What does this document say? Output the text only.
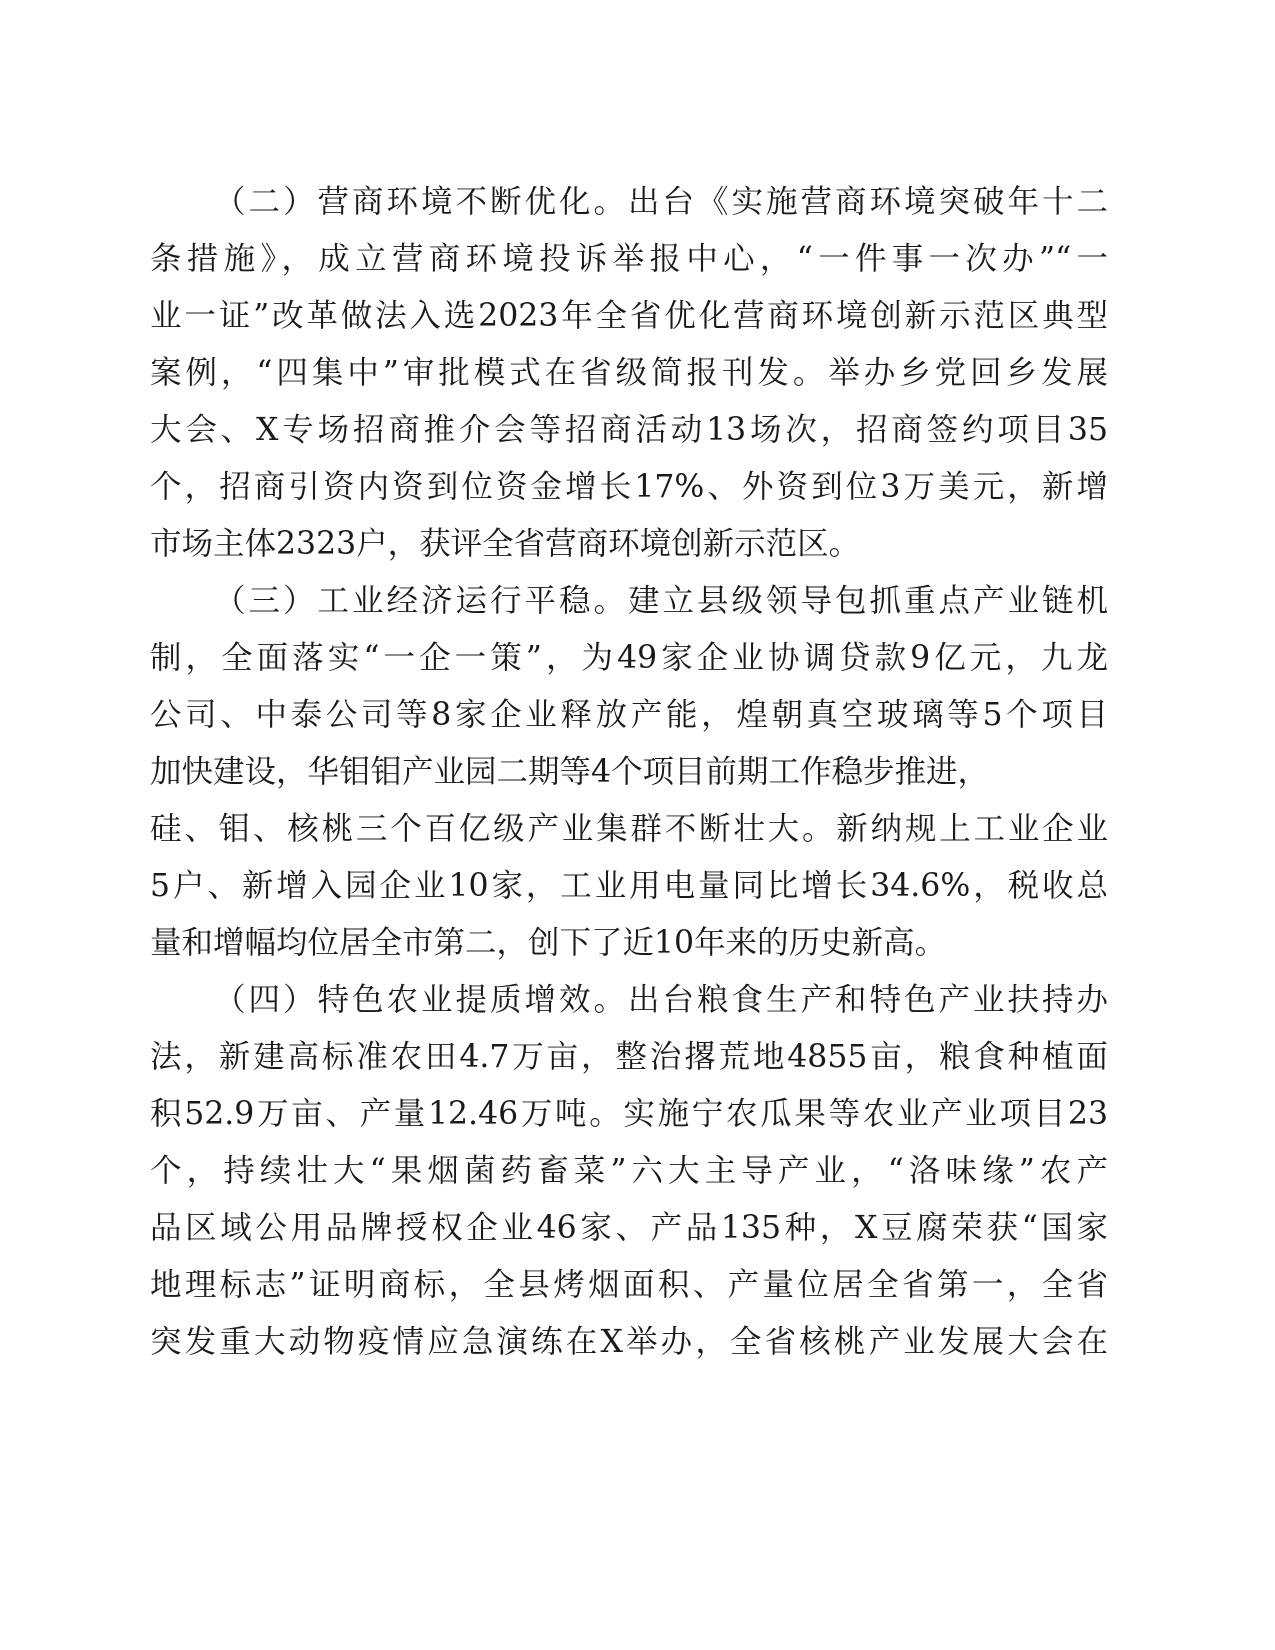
（二）营商环境不断优化。出台《实施营商环境突破年十二
条措施》，成立营商环境投诉举报中心，“一件事一次办”“一
业一证”改革做法入选2023年全省优化营商环境创新示范区典型
案例，“四集中”审批模式在省级简报刊发。举办乡党回乡发展
大会、X专场招商推介会等招商活动13场次，招商签约项目35
个，招商引资内资到位资金增长17%、外资到位3万美元，新增
市场主体2323户，获评全省营商环境创新示范区。
（三）工业经济运行平稳。建立县级领导包抓重点产业链机
制，全面落实“一企一策”，为49家企业协调贷款9亿元，九龙
公司、中泰公司等8家企业释放产能，煌朝真空玻璃等5个项目
加快建设，华钼钼产业园二期等4个项目前期工作稳步推进，
硅、钼、核桃三个百亿级产业集群不断壮大。新纳规上工业企业
5户、新增入园企业10家，工业用电量同比增长34.6%，税收总
量和增幅均位居全市第二，创下了近10年来的历史新高。
（四）特色农业提质增效。出台粮食生产和特色产业扶持办
法，新建高标准农田4.7万亩，整治撂荒地4855亩，粮食种植面
积52.9万亩、产量12.46万吨。实施宁农瓜果等农业产业项目23
个，持续壮大“果烟菌药畜菜”六大主导产业，“洛味缘”农产
品区域公用品牌授权企业46家、产品135种，X豆腐荣获“国家
地理标志”证明商标，全县烤烟面积、产量位居全省第一，全省
突发重大动物疫情应急演练在X举办，全省核桃产业发展大会在
